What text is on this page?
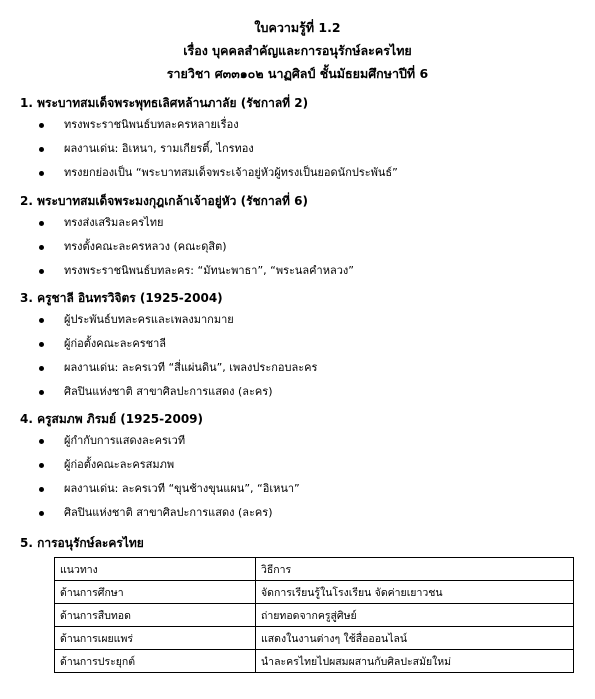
ใบความรู้ที่ 1.2
เรื่อง บุคคลสำคัญและการอนุรักษ์ละครไทย
รายวิชา ศ๓๓๑๐๒ นาฏศิลป์ ชั้นมัธยมศึกษาปีที่ 6
1. พระบาทสมเด็จพระพุทธเลิศหล้านภาลัย (รัชกาลที่ 2)
ทรงพระราชนิพนธ์บทละครหลายเรื่อง
ผลงานเด่น: อิเหนา, รามเกียรติ์, ไกรทอง
ทรงยกย่องเป็น “พระบาทสมเด็จพระเจ้าอยู่หัวผู้ทรงเป็นยอดนักประพันธ์”
2. พระบาทสมเด็จพระมงกุฎเกล้าเจ้าอยู่หัว (รัชกาลที่ 6)
ทรงส่งเสริมละครไทย
ทรงตั้งคณะละครหลวง (คณะดุสิต)
ทรงพระราชนิพนธ์บทละคร: “มัทนะพาธา”, “พระนลคำหลวง”
3. ครูชาลี อินทรวิจิตร (1925-2004)
ผู้ประพันธ์บทละครและเพลงมากมาย
ผู้ก่อตั้งคณะละครชาลี
ผลงานเด่น: ละครเวที “สี่แผ่นดิน”, เพลงประกอบละคร
ศิลปินแห่งชาติ สาขาศิลปะการแสดง (ละคร)
4. ครูสมภพ ภิรมย์ (1925-2009)
ผู้กำกับการแสดงละครเวที
ผู้ก่อตั้งคณะละครสมภพ
ผลงานเด่น: ละครเวที “ขุนช้างขุนแผน”, “อิเหนา”
ศิลปินแห่งชาติ สาขาศิลปะการแสดง (ละคร)
5. การอนุรักษ์ละครไทย
แนวทาง	วิธีการ
ด้านการศึกษา	จัดการเรียนรู้ในโรงเรียน จัดค่ายเยาวชน
ด้านการสืบทอด	ถ่ายทอดจากครูสู่ศิษย์
ด้านการเผยแพร่	แสดงในงานต่างๆ ใช้สื่อออนไลน์
ด้านการประยุกต์	นำละครไทยไปผสมผสานกับศิลปะสมัยใหม่
